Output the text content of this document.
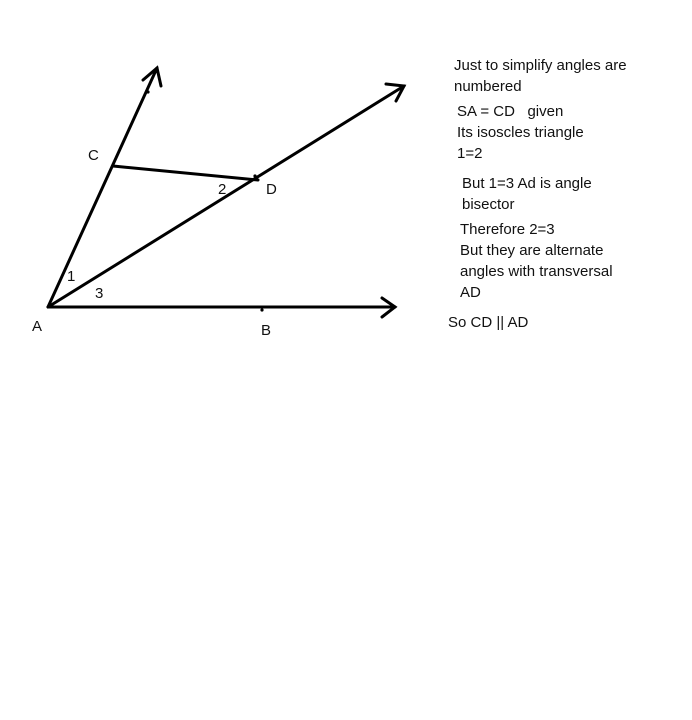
C
D
A	B
1
2
3
Just to simplify angles are
numbered
SA = CD   given
Its isoscles triangle
1=2
But 1=3 Ad is angle
bisector
Therefore 2=3
But they are alternate
angles with transversal
AD
So CD || AD
